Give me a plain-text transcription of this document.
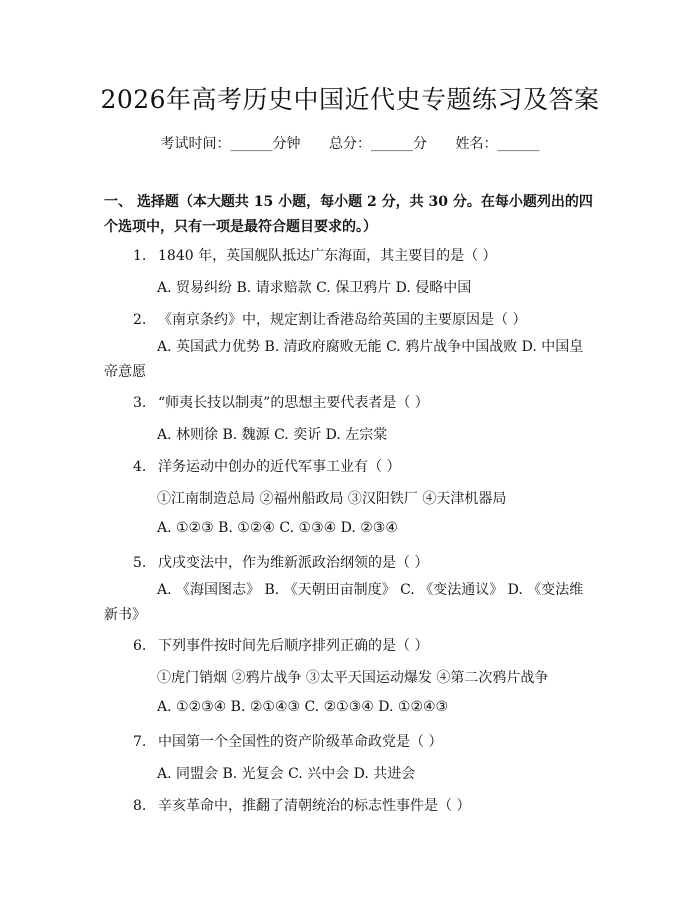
2026年高考历史中国近代史专题练习及答案
考试时间：______分钟 总分：______分 姓名：______
一、 选择题（本大题共 15 小题，每小题 2 分，共 30 分。在每小题列出的四个选项中，只有一项是最符合题目要求的。）
1. 1840 年，英国舰队抵达广东海面，其主要目的是（ ）
A. 贸易纠纷 B. 请求赔款 C. 保卫鸦片 D. 侵略中国
2. 《南京条约》中，规定割让香港岛给英国的主要原因是（ ）
A. 英国武力优势 B. 清政府腐败无能 C. 鸦片战争中国战败 D. 中国皇帝意愿
3. “师夷长技以制夷”的思想主要代表者是（ ）
A. 林则徐 B. 魏源 C. 奕䜣 D. 左宗棠
4. 洋务运动中创办的近代军事工业有（ ）
①江南制造总局 ②福州船政局 ③汉阳铁厂 ④天津机器局
A. ①②③ B. ①②④ C. ①③④ D. ②③④
5. 戊戌变法中，作为维新派政治纲领的是（ ）
A. 《海国图志》 B. 《天朝田亩制度》 C. 《变法通议》 D. 《变法维新书》
6. 下列事件按时间先后顺序排列正确的是（ ）
①虎门销烟 ②鸦片战争 ③太平天国运动爆发 ④第二次鸦片战争
A. ①②③④ B. ②①④③ C. ②①③④ D. ①②④③
7. 中国第一个全国性的资产阶级革命政党是（ ）
A. 同盟会 B. 光复会 C. 兴中会 D. 共进会
8. 辛亥革命中，推翻了清朝统治的标志性事件是（ ）
